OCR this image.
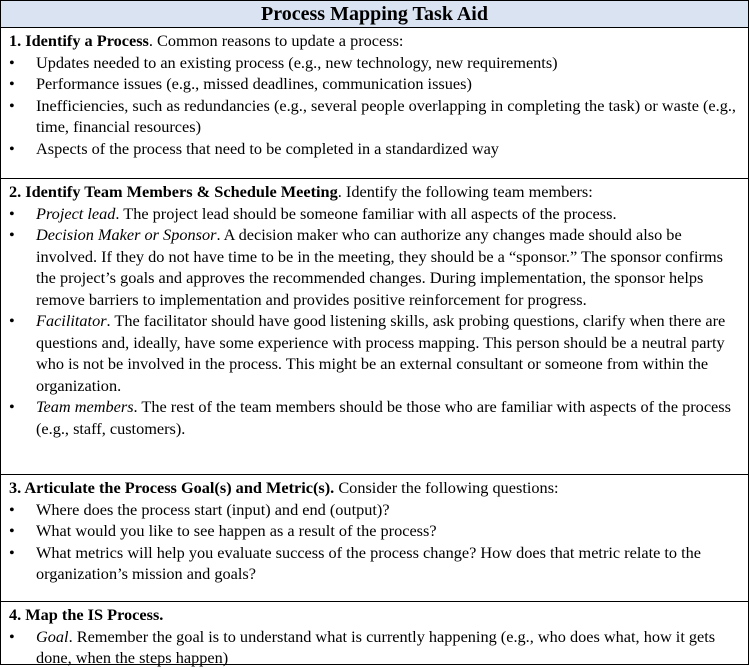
Process Mapping Task Aid
1. Identify a Process. Common reasons to update a process:
•	Updates needed to an existing process (e.g., new technology, new requirements)
•	Performance issues (e.g., missed deadlines, communication issues)
•	Inefficiencies, such as redundancies (e.g., several people overlapping in completing the task) or waste (e.g., time, financial resources)
•	Aspects of the process that need to be completed in a standardized way
2. Identify Team Members & Schedule Meeting. Identify the following team members:
•	Project lead. The project lead should be someone familiar with all aspects of the process.
•	Decision Maker or Sponsor. A decision maker who can authorize any changes made should also be involved. If they do not have time to be in the meeting, they should be a “sponsor.” The sponsor confirms the project’s goals and approves the recommended changes. During implementation, the sponsor helps remove barriers to implementation and provides positive reinforcement for progress.
•	Facilitator. The facilitator should have good listening skills, ask probing questions, clarify when there are questions and, ideally, have some experience with process mapping. This person should be a neutral party who is not be involved in the process. This might be an external consultant or someone from within the organization.
•	Team members. The rest of the team members should be those who are familiar with aspects of the process (e.g., staff, customers).
3. Articulate the Process Goal(s) and Metric(s). Consider the following questions:
•	Where does the process start (input) and end (output)?
•	What would you like to see happen as a result of the process?
•	What metrics will help you evaluate success of the process change? How does that metric relate to the organization’s mission and goals?
4. Map the IS Process.
•	Goal. Remember the goal is to understand what is currently happening (e.g., who does what, how it gets done, when the steps happen)
